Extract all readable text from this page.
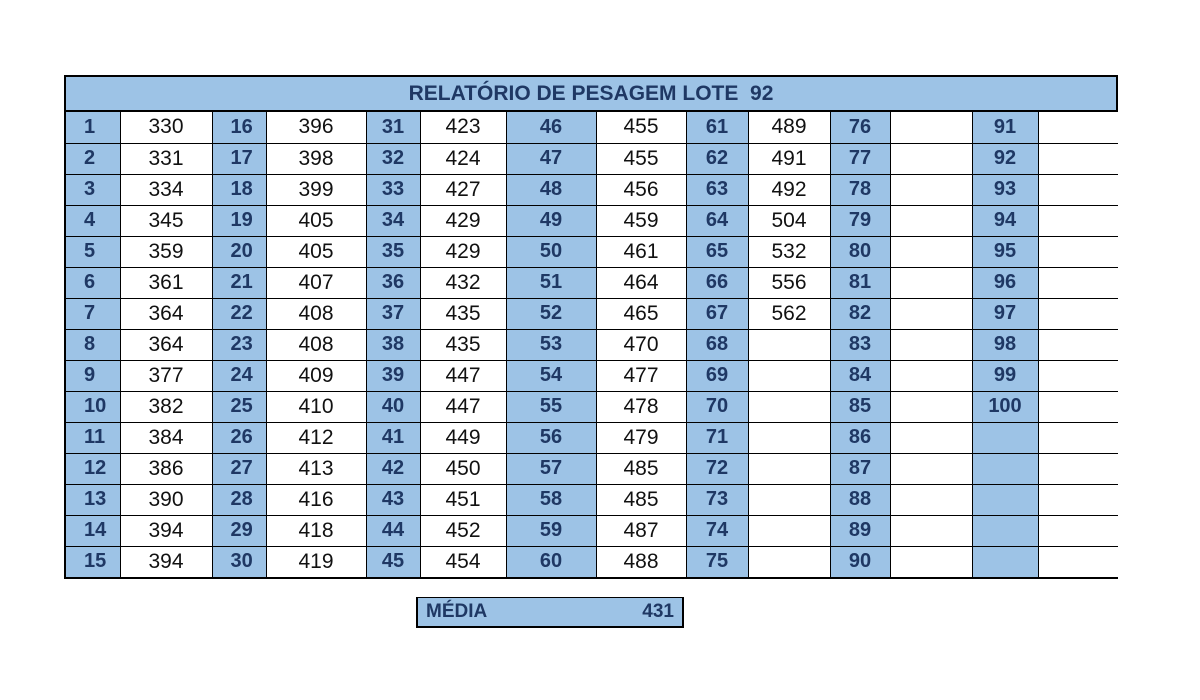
RELATÓRIO DE PESAGEM LOTE  92
1	330	16	396	31	423	46	455	61	489	76		91	
2	331	17	398	32	424	47	455	62	491	77		92	
3	334	18	399	33	427	48	456	63	492	78		93	
4	345	19	405	34	429	49	459	64	504	79		94	
5	359	20	405	35	429	50	461	65	532	80		95	
6	361	21	407	36	432	51	464	66	556	81		96	
7	364	22	408	37	435	52	465	67	562	82		97	
8	364	23	408	38	435	53	470	68		83		98	
9	377	24	409	39	447	54	477	69		84		99	
10	382	25	410	40	447	55	478	70		85		100	
11	384	26	412	41	449	56	479	71		86			
12	386	27	413	42	450	57	485	72		87			
13	390	28	416	43	451	58	485	73		88			
14	394	29	418	44	452	59	487	74		89			
15	394	30	419	45	454	60	488	75		90			
MÉDIA	431
